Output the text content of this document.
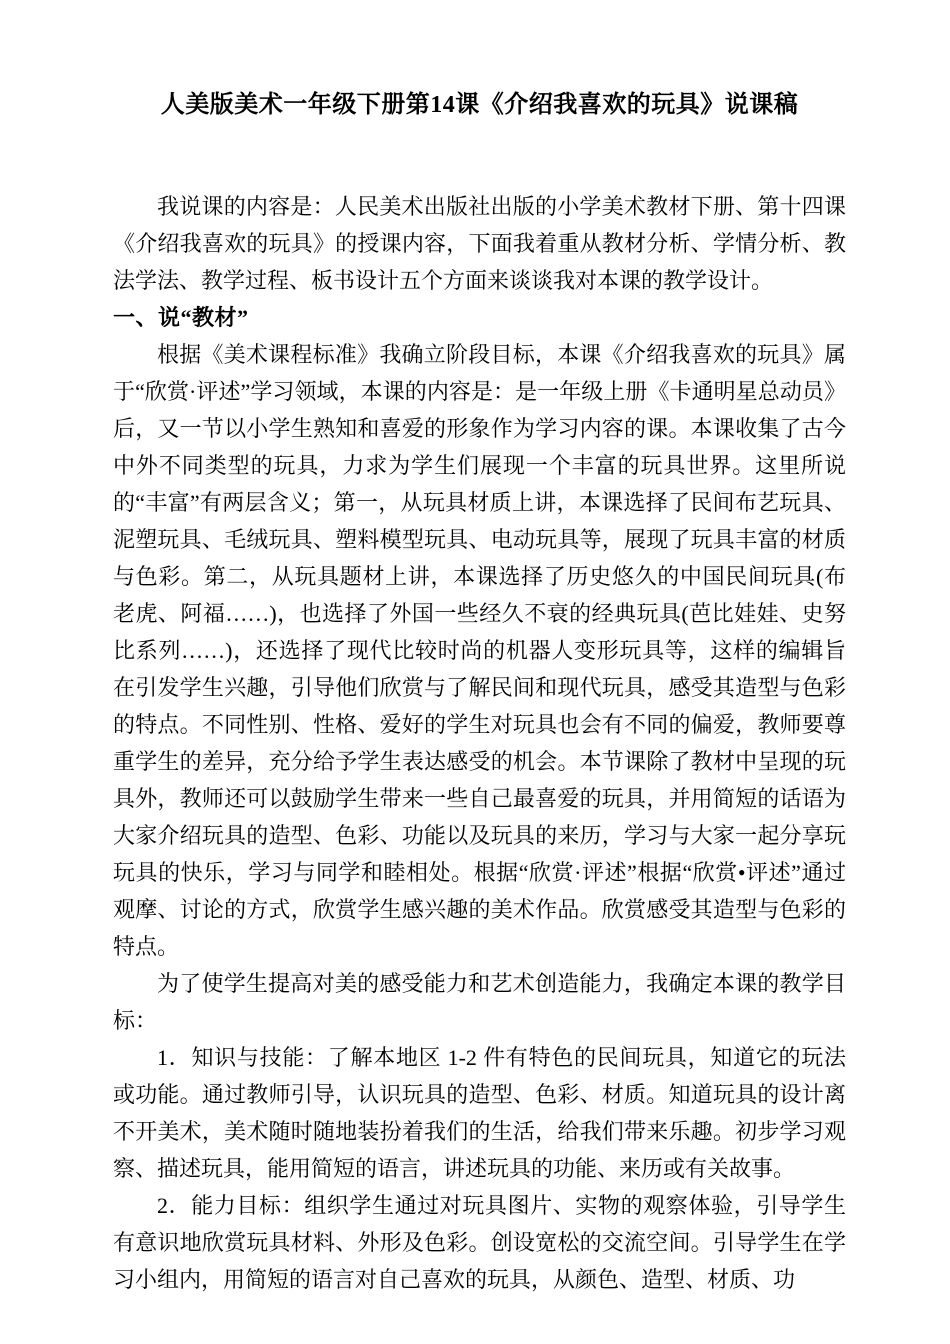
人美版美术一年级下册第14课《介绍我喜欢的玩具》说课稿

我说课的内容是：人民美术出版社出版的小学美术教材下册、第十四课《介绍我喜欢的玩具》的授课内容，下面我着重从教材分析、学情分析、教法学法、教学过程、板书设计五个方面来谈谈我对本课的教学设计。

一、说“教材”

根据《美术课程标准》我确立阶段目标，本课《介绍我喜欢的玩具》属于“欣赏·评述”学习领域，本课的内容是：是一年级上册《卡通明星总动员》后，又一节以小学生熟知和喜爱的形象作为学习内容的课。本课收集了古今中外不同类型的玩具，力求为学生们展现一个丰富的玩具世界。这里所说的“丰富”有两层含义；第一，从玩具材质上讲，本课选择了民间布艺玩具、泥塑玩具、毛绒玩具、塑料模型玩具、电动玩具等，展现了玩具丰富的材质与色彩。第二，从玩具题材上讲，本课选择了历史悠久的中国民间玩具(布老虎、阿福……)，也选择了外国一些经久不衰的经典玩具(芭比娃娃、史努比系列……)，还选择了现代比较时尚的机器人变形玩具等，这样的编辑旨在引发学生兴趣，引导他们欣赏与了解民间和现代玩具，感受其造型与色彩的特点。不同性别、性格、爱好的学生对玩具也会有不同的偏爱，教师要尊重学生的差异，充分给予学生表达感受的机会。本节课除了教材中呈现的玩具外，教师还可以鼓励学生带来一些自己最喜爱的玩具，并用简短的话语为大家介绍玩具的造型、色彩、功能以及玩具的来历，学习与大家一起分享玩玩具的快乐，学习与同学和睦相处。根据“欣赏·评述”根据“欣赏•评述”通过观摩、讨论的方式，欣赏学生感兴趣的美术作品。欣赏感受其造型与色彩的特点。

为了使学生提高对美的感受能力和艺术创造能力，我确定本课的教学目标：

1．知识与技能：了解本地区 1-2 件有特色的民间玩具，知道它的玩法或功能。通过教师引导，认识玩具的造型、色彩、材质。知道玩具的设计离不开美术，美术随时随地装扮着我们的生活，给我们带来乐趣。初步学习观察、描述玩具，能用简短的语言，讲述玩具的功能、来历或有关故事。

2．能力目标：组织学生通过对玩具图片、实物的观察体验，引导学生有意识地欣赏玩具材料、外形及色彩。创设宽松的交流空间。引导学生在学习小组内，用简短的语言对自己喜欢的玩具，从颜色、造型、材质、功
